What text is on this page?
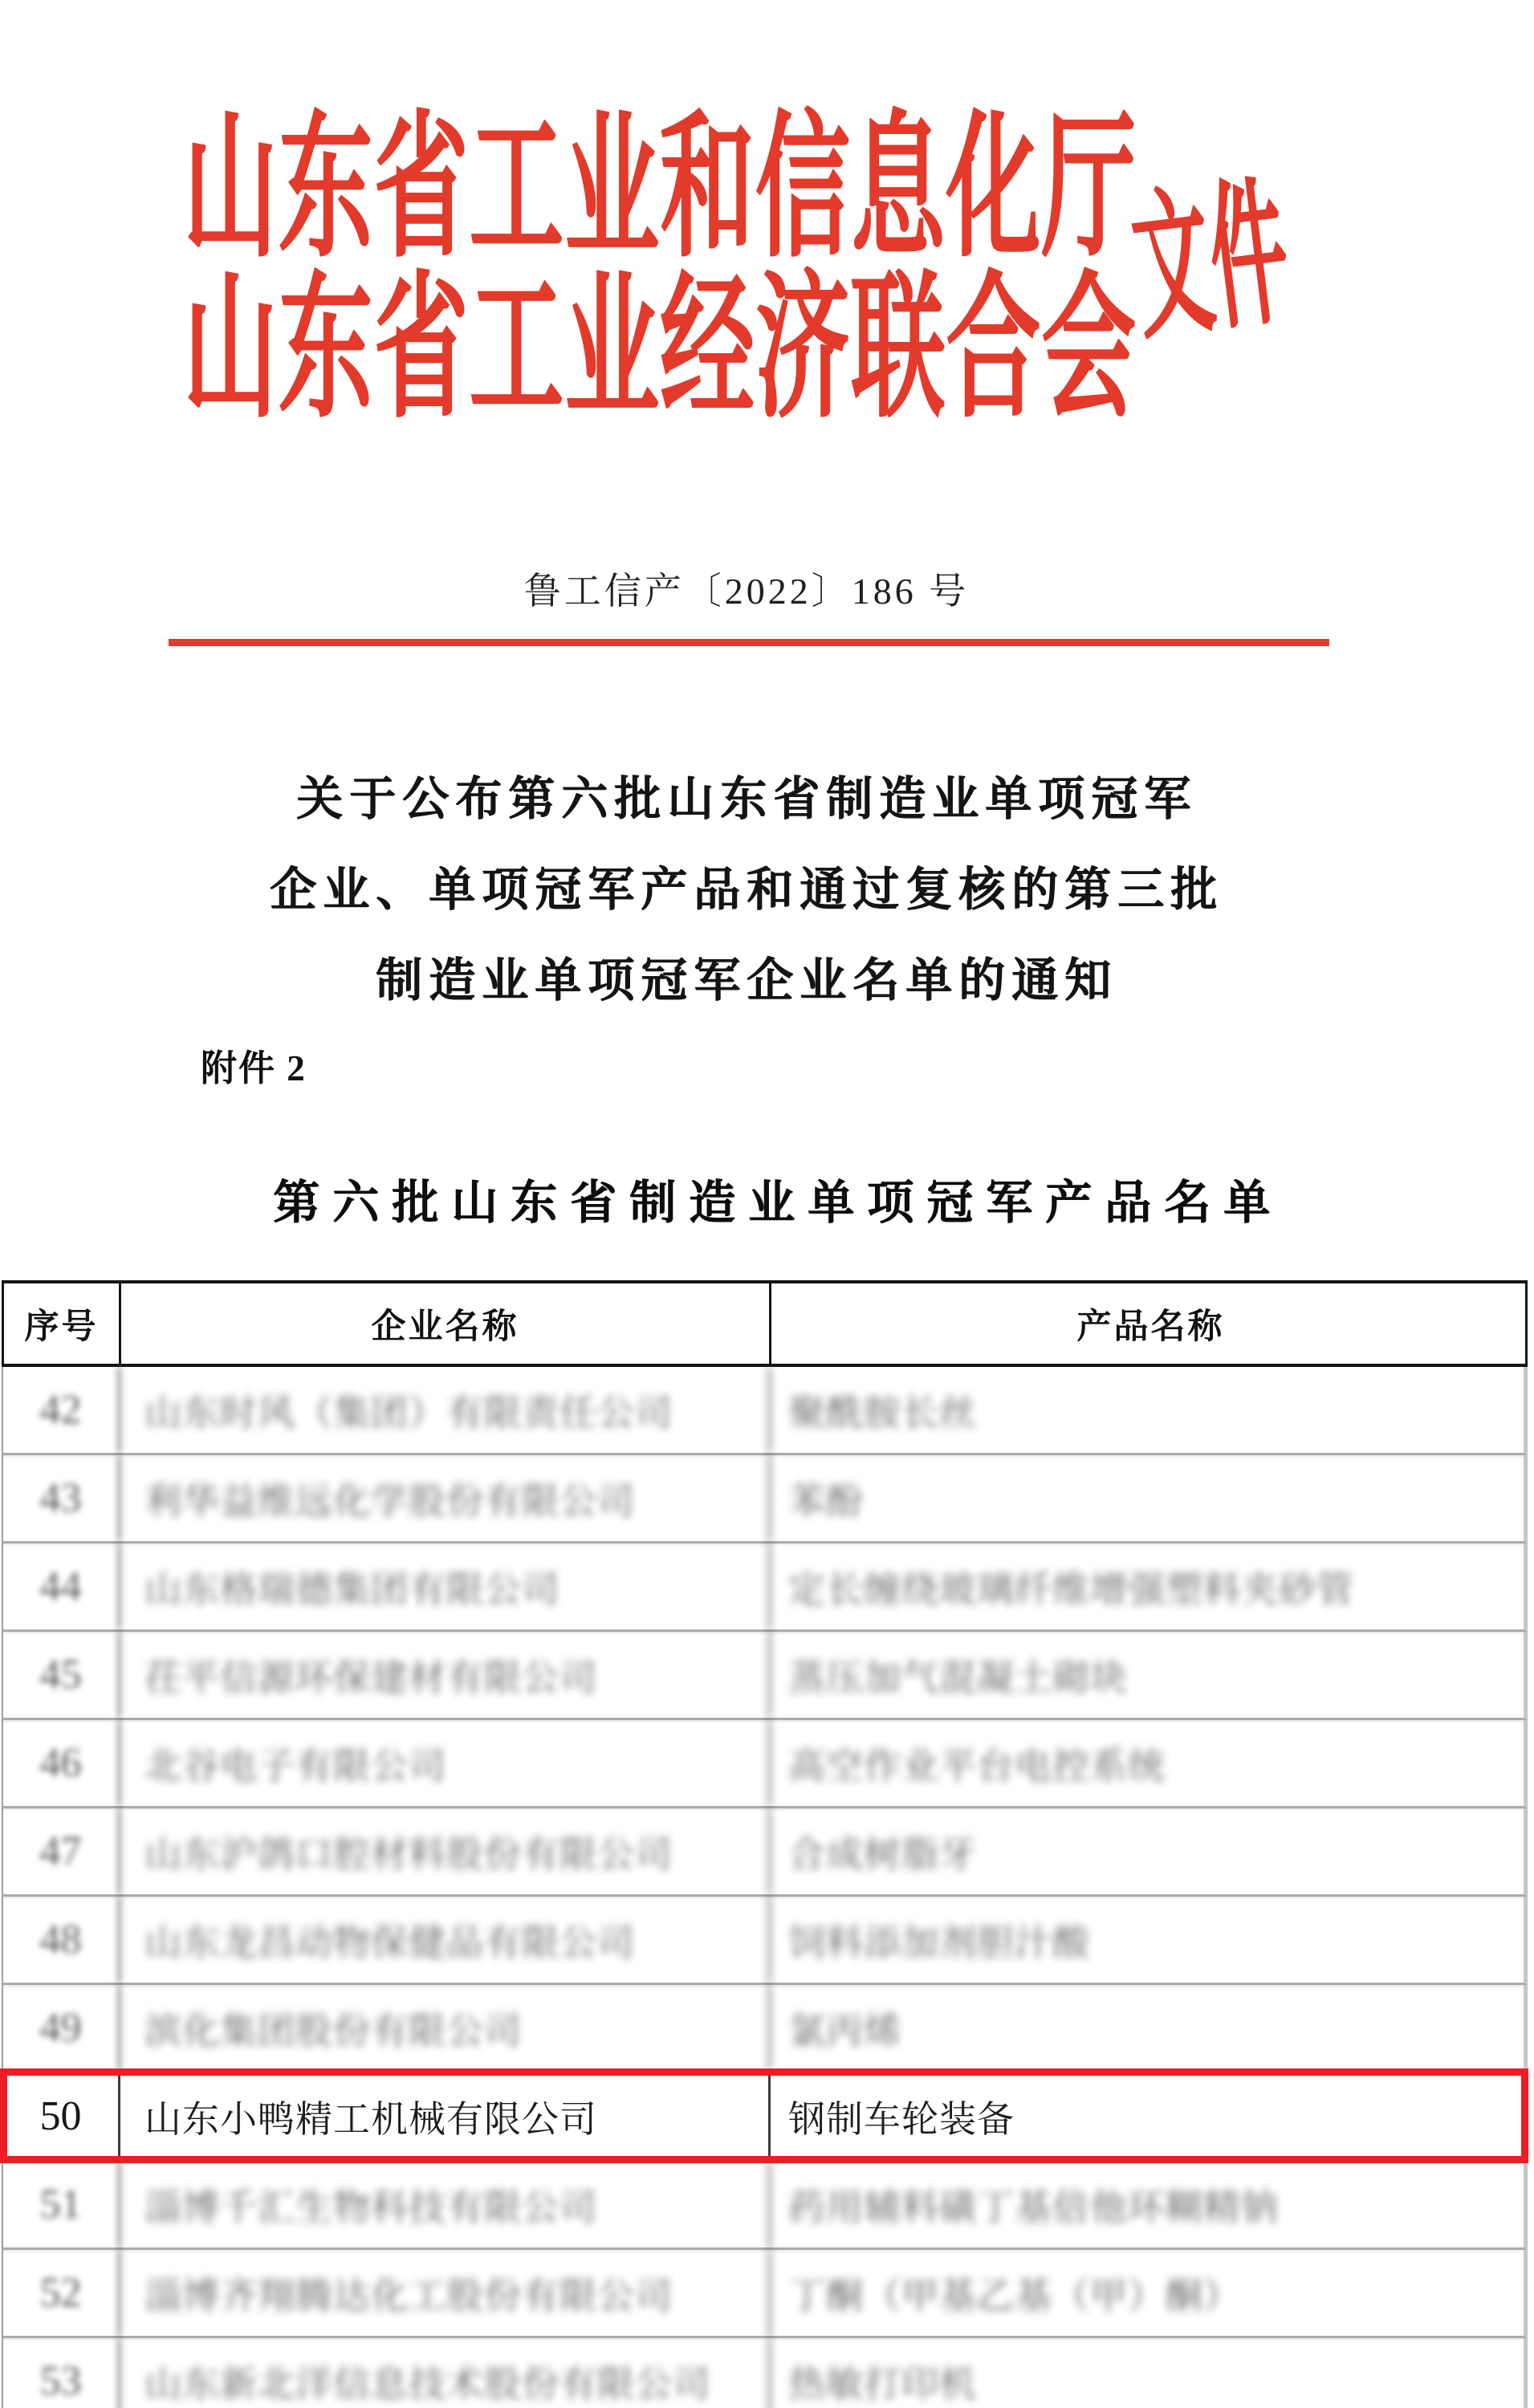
山东省工业和信息化厅
山东省工业经济联合会
文件
鲁工信产〔2022〕186 号
关于公布第六批山东省制造业单项冠军
企业、单项冠军产品和通过复核的第三批
制造业单项冠军企业名单的通知
附件 2
第六批山东省制造业单项冠军产品名单
序号	企业名称	产品名称
42	山东时风（集团）有限责任公司	聚酰胺长丝
43	利华益维远化学股份有限公司	苯酚
44	山东格瑞德集团有限公司	定长缠绕玻璃纤维增强塑料夹砂管
45	茌平信源环保建材有限公司	蒸压加气混凝土砌块
46	北谷电子有限公司	高空作业平台电控系统
47	山东沪鸽口腔材料股份有限公司	合成树脂牙
48	山东龙昌动物保健品有限公司	饲料添加剂胆汁酸
49	滨化集团股份有限公司	氯丙烯
50	山东小鸭精工机械有限公司	钢制车轮装备
51	淄博千汇生物科技有限公司	药用辅料磺丁基倍他环糊精钠
52	淄博齐翔腾达化工股份有限公司	丁酮（甲基乙基（甲）酮）
53	山东新北洋信息技术股份有限公司	热敏打印机
